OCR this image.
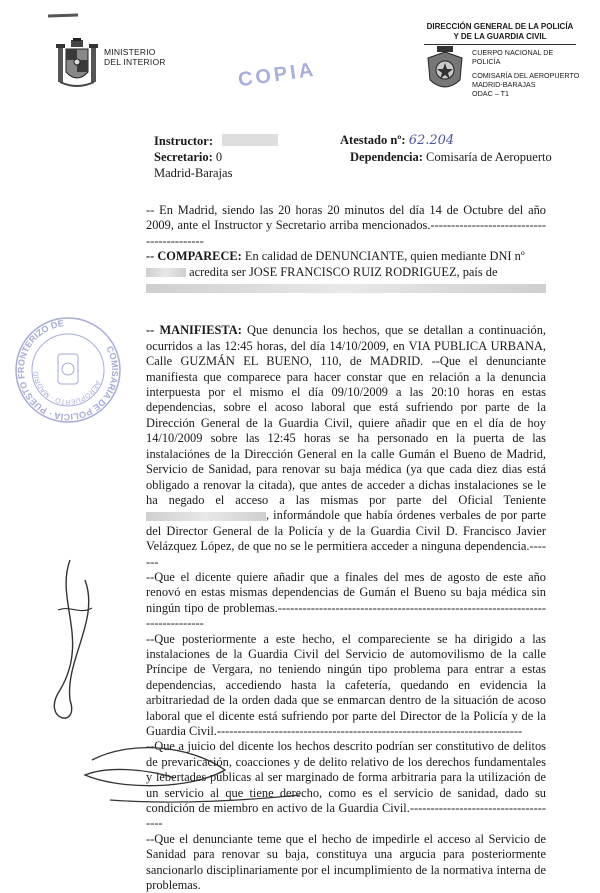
MINISTERIO
DEL INTERIOR	COPIA
DIRECCIÓN GENERAL DE LA POLICÍA
Y DE LA GUARDIA CIVIL
CUERPO NACIONAL DE POLICÍA
COMISARÍA DEL AEROPUERTO
MADRID-BARAJAS
ODAC – T1
Instructor:
Secretario: 0
Madrid-Barajas
Atestado nº: 62.204
Dependencia: Comisaría de Aeropuerto
COMISARÍA DE POLICÍA · PUESTO FRONTERIZO DE
AEROPUERTO · MADRID

-- En Madrid, siendo las 20 horas 20 minutos del día 14 de Octubre del año 2009, ante el Instructor y Secretario arriba mencionados.------------------------------------------

-- COMPARECE: En calidad de DENUNCIANTE, quien mediante DNI nº
acredita ser JOSE FRANCISCO RUIZ RODRIGUEZ, país de

-- MANIFIESTA: Que denuncia los hechos, que se detallan a continuación, ocurridos a las 12:45 horas, del día 14/10/2009, en VIA PUBLICA URBANA, Calle GUZMÁN EL BUENO, 110, de MADRID. --Que el denunciante manifiesta que comparece para hacer constar que en relación a la denuncia interpuesta por el mismo el día 09/10/2009 a las 20:10 horas en estas dependencias, sobre el acoso laboral que está sufriendo por parte de la Dirección General de la Guardia Civil, quiere añadir que en el día de hoy 14/10/2009 sobre las 12:45 horas se ha personado en la puerta de las instalaciónes de la Dirección General en la calle Gumán el Bueno de Madrid, Servicio de Sanidad, para renovar su baja médica (ya que cada diez dias está obligado a renovar la citada), que antes de acceder a dichas instalaciones se le ha negado el acceso a las mismas por parte del Oficial Teniente , informándole que había órdenes verbales de por parte del Director General de la Policía y de la Guardia Civil D. Francisco Javier Velázquez López, de que no se le permitiera acceder a ninguna dependencia.-------

--Que el dicente quiere añadir que a finales del mes de agosto de este año renovó en estas mismas dependencias de Gumán el Bueno su baja médica sin ningún tipo de problemas.-------------------------------------------------------------------------------

--Que posteriormente a este hecho, el compareciente se ha dirigido a las instalaciones de la Guardia Civil del Servicio de automovilismo de la calle Príncipe de Vergara, no teniendo ningún tipo problema para entrar a estas dependencias, accediendo hasta la cafetería, quedando en evidencia la arbitrariedad de la orden dada que se enmarcan dentro de la situación de acoso laboral que el dicente está sufriendo por parte del Director de la Policía y de la Guardia Civil.--------------------------------------------------------------------------

--Que a juicio del dicente los hechos descrito podrían ser constitutivo de delitos de prevaricación, coacciones y de delito relativo de los derechos fundamentales y lebertades públicas al ser marginado de forma arbitraria para la utilización de un servicio al que tiene derecho, como es el servicio de sanidad, dado su condición de miembro en activo de la Guardia Civil.-------------------------------------

--Que el denunciante teme que el hecho de impedirle el acceso al Servicio de Sanidad para renovar su baja, constituya una argucia para posteriormente sancionarlo disciplinariamente por el incumplimiento de la normativa interna de problemas.
